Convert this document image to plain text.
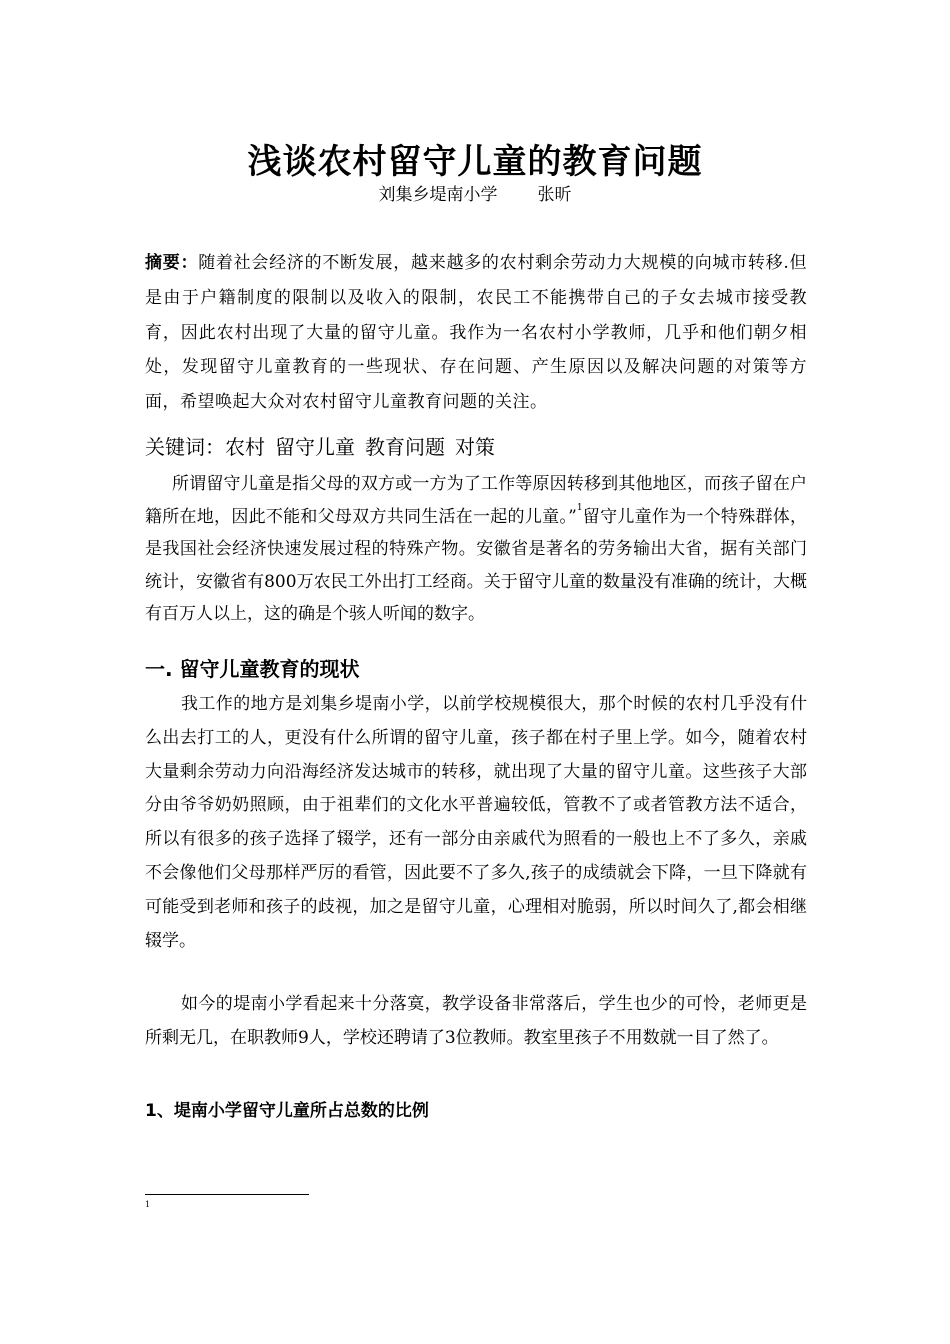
浅谈农村留守儿童的教育问题
刘集乡堤南小学 张昕

摘要：随着社会经济的不断发展，越来越多的农村剩余劳动力大规模的向城市转移.但是由于户籍制度的限制以及收入的限制，农民工不能携带自己的子女去城市接受教育，因此农村出现了大量的留守儿童。我作为一名农村小学教师，几乎和他们朝夕相处，发现留守儿童教育的一些现状、存在问题、产生原因以及解决问题的对策等方面，希望唤起大众对农村留守儿童教育问题的关注。

关键词：农村 留守儿童 教育问题 对策

所谓留守儿童是指父母的双方或一方为了工作等原因转移到其他地区，而孩子留在户籍所在地，因此不能和父母双方共同生活在一起的儿童。”$^1$留守儿童作为一个特殊群体，是我国社会经济快速发展过程的特殊产物。安徽省是著名的劳务输出大省，据有关部门统计，安徽省有800万农民工外出打工经商。关于留守儿童的数量没有准确的统计，大概有百万人以上，这的确是个骇人听闻的数字。

一. 留守儿童教育的现状

我工作的地方是刘集乡堤南小学，以前学校规模很大，那个时候的农村几乎没有什么出去打工的人，更没有什么所谓的留守儿童，孩子都在村子里上学。如今，随着农村大量剩余劳动力向沿海经济发达城市的转移，就出现了大量的留守儿童。这些孩子大部分由爷爷奶奶照顾，由于祖辈们的文化水平普遍较低，管教不了或者管教方法不适合，所以有很多的孩子选择了辍学，还有一部分由亲戚代为照看的一般也上不了多久，亲戚不会像他们父母那样严厉的看管，因此要不了多久,孩子的成绩就会下降，一旦下降就有可能受到老师和孩子的歧视，加之是留守儿童，心理相对脆弱，所以时间久了,都会相继辍学。

如今的堤南小学看起来十分落寞，教学设备非常落后，学生也少的可怜，老师更是所剩无几，在职教师9人，学校还聘请了3位教师。教室里孩子不用数就一目了然了。

1、堤南小学留守儿童所占总数的比例
1
